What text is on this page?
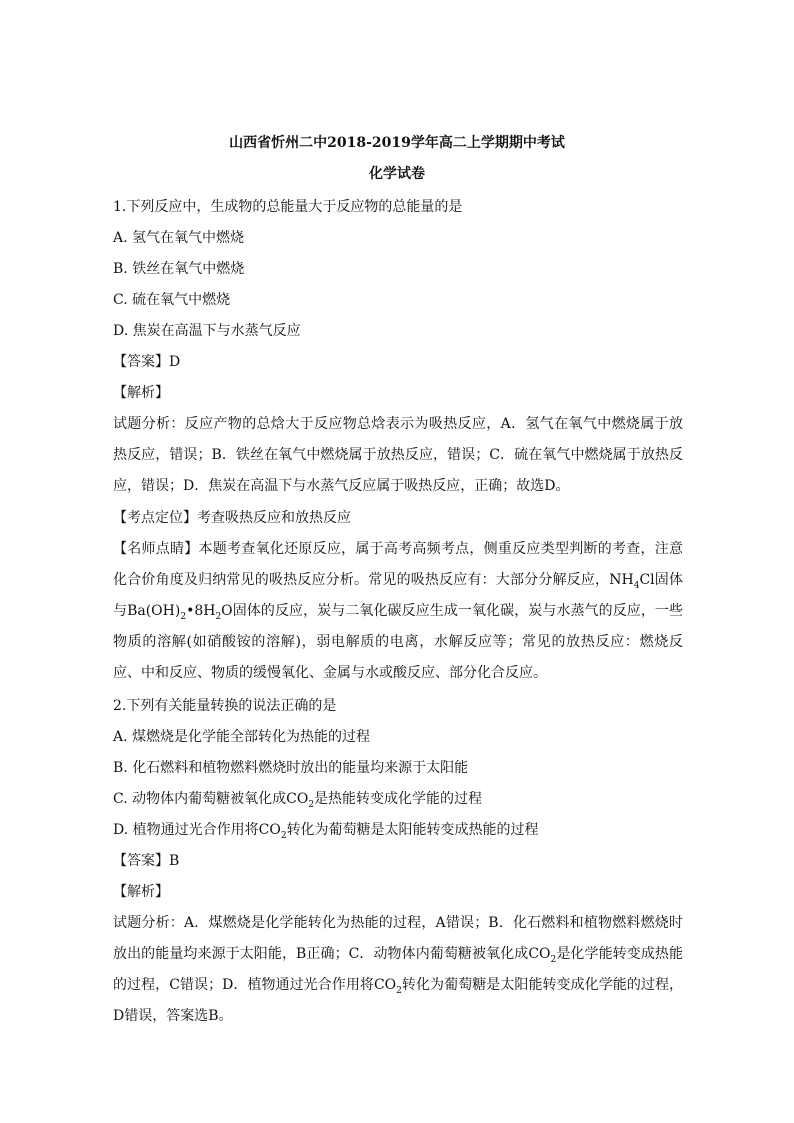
山西省忻州二中2018-2019学年高二上学期期中考试
化学试卷
1.下列反应中，生成物的总能量大于反应物的总能量的是
A. 氢气在氧气中燃烧
B. 铁丝在氧气中燃烧
C. 硫在氧气中燃烧
D. 焦炭在高温下与水蒸气反应
【答案】D
【解析】
试题分析：反应产物的总焓大于反应物总焓表示为吸热反应，A．氢气在氧气中燃烧属于放热反应，错误；B．铁丝在氧气中燃烧属于放热反应，错误；C．硫在氧气中燃烧属于放热反应，错误；D．焦炭在高温下与水蒸气反应属于吸热反应，正确；故选D。
【考点定位】考查吸热反应和放热反应
【名师点睛】本题考查氧化还原反应，属于高考高频考点，侧重反应类型判断的考查，注意化合价角度及归纳常见的吸热反应分析。常见的吸热反应有：大部分分解反应，$NH_4Cl$固体与$Ba(OH)_2•8H_2O$固体的反应，炭与二氧化碳反应生成一氧化碳，炭与水蒸气的反应，一些物质的溶解(如硝酸铵的溶解)，弱电解质的电离，水解反应等；常见的放热反应：燃烧反应、中和反应、物质的缓慢氧化、金属与水或酸反应、部分化合反应。
2.下列有关能量转换的说法正确的是
A. 煤燃烧是化学能全部转化为热能的过程
B. 化石燃料和植物燃料燃烧时放出的能量均来源于太阳能
C. 动物体内葡萄糖被氧化成$CO_2$是热能转变成化学能的过程
D. 植物通过光合作用将$CO_2$转化为葡萄糖是太阳能转变成热能的过程
【答案】B
【解析】
试题分析：A．煤燃烧是化学能转化为热能的过程，A错误；B．化石燃料和植物燃料燃烧时放出的能量均来源于太阳能，B正确；C．动物体内葡萄糖被氧化成$CO_2$是化学能转变成热能的过程，C错误；D．植物通过光合作用将$CO_2$转化为葡萄糖是太阳能转变成化学能的过程，D错误，答案选B。
